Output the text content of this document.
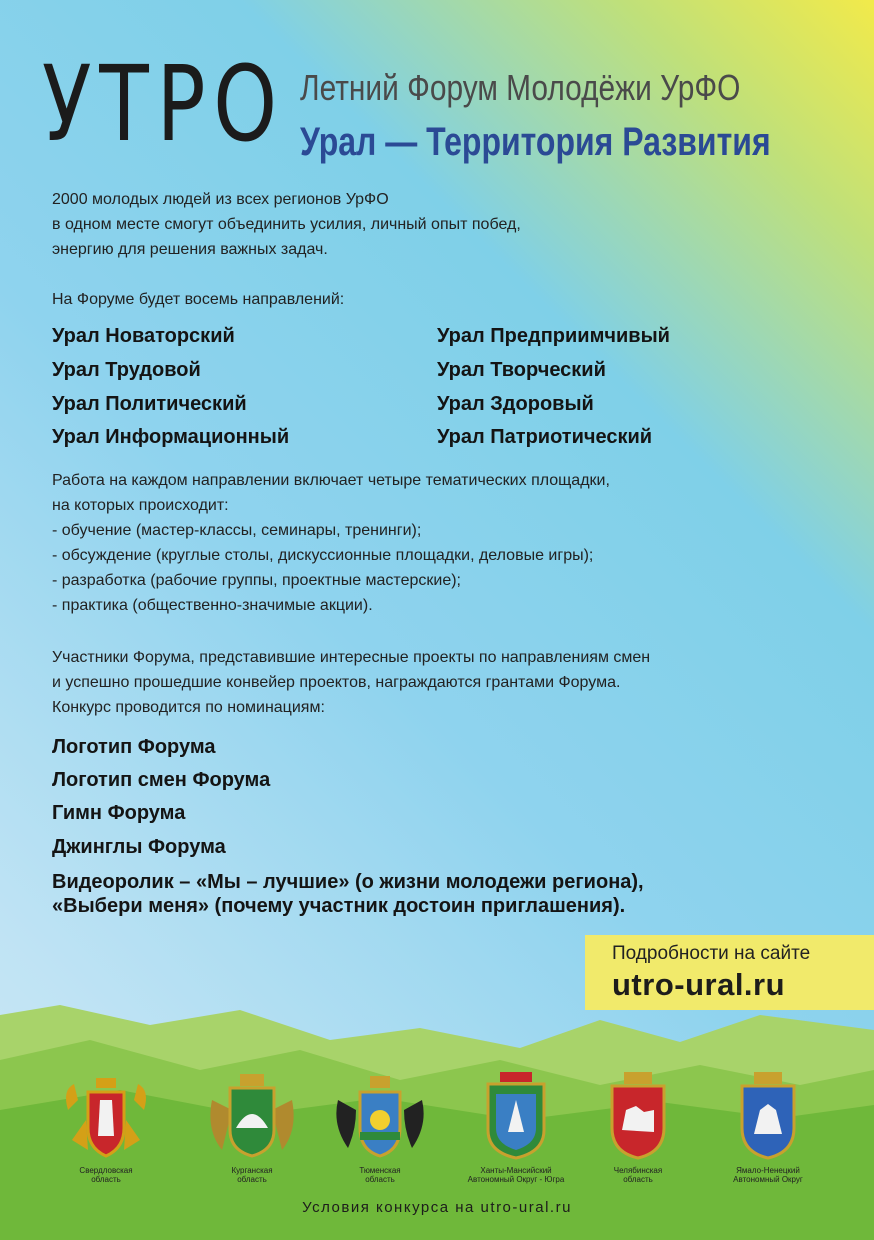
УТРО Летний Форум Молодёжи УрФО
Урал — Территория Развития
2000 молодых людей из всех регионов УрФО
в одном месте смогут объединить усилия, личный опыт побед,
энергию для решения важных задач.
На Форуме будет восемь направлений:
Урал Новаторский
Урал Трудовой
Урал Политический
Урал Информационный
Урал Предприимчивый
Урал Творческий
Урал Здоровый
Урал Патриотический
Работа на каждом направлении включает четыре тематических площадки,
на которых происходит:
- обучение (мастер-классы, семинары, тренинги);
- обсуждение (круглые столы, дискуссионные площадки, деловые игры);
- разработка (рабочие группы, проектные мастерские);
- практика (общественно-значимые акции).
Участники Форума, представившие интересные проекты по направлениям смен
и успешно прошедшие конвейер проектов, награждаются грантами Форума.
Конкурс проводится по номинациям:
Логотип Форума
Логотип смен Форума
Гимн Форума
Джинглы Форума
Видеоролик – «Мы – лучшие» (о жизни молодежи региона),
«Выбери меня» (почему участник достоин приглашения).
Подробности на сайте
utro-ural.ru
Свердловская
область
Курганская
область
Тюменская
область
Ханты-Мансийский
Автономный Округ - Югра
Челябинская
область
Ямало-Ненецкий
Автономный Округ
Условия конкурса на utro-ural.ru
